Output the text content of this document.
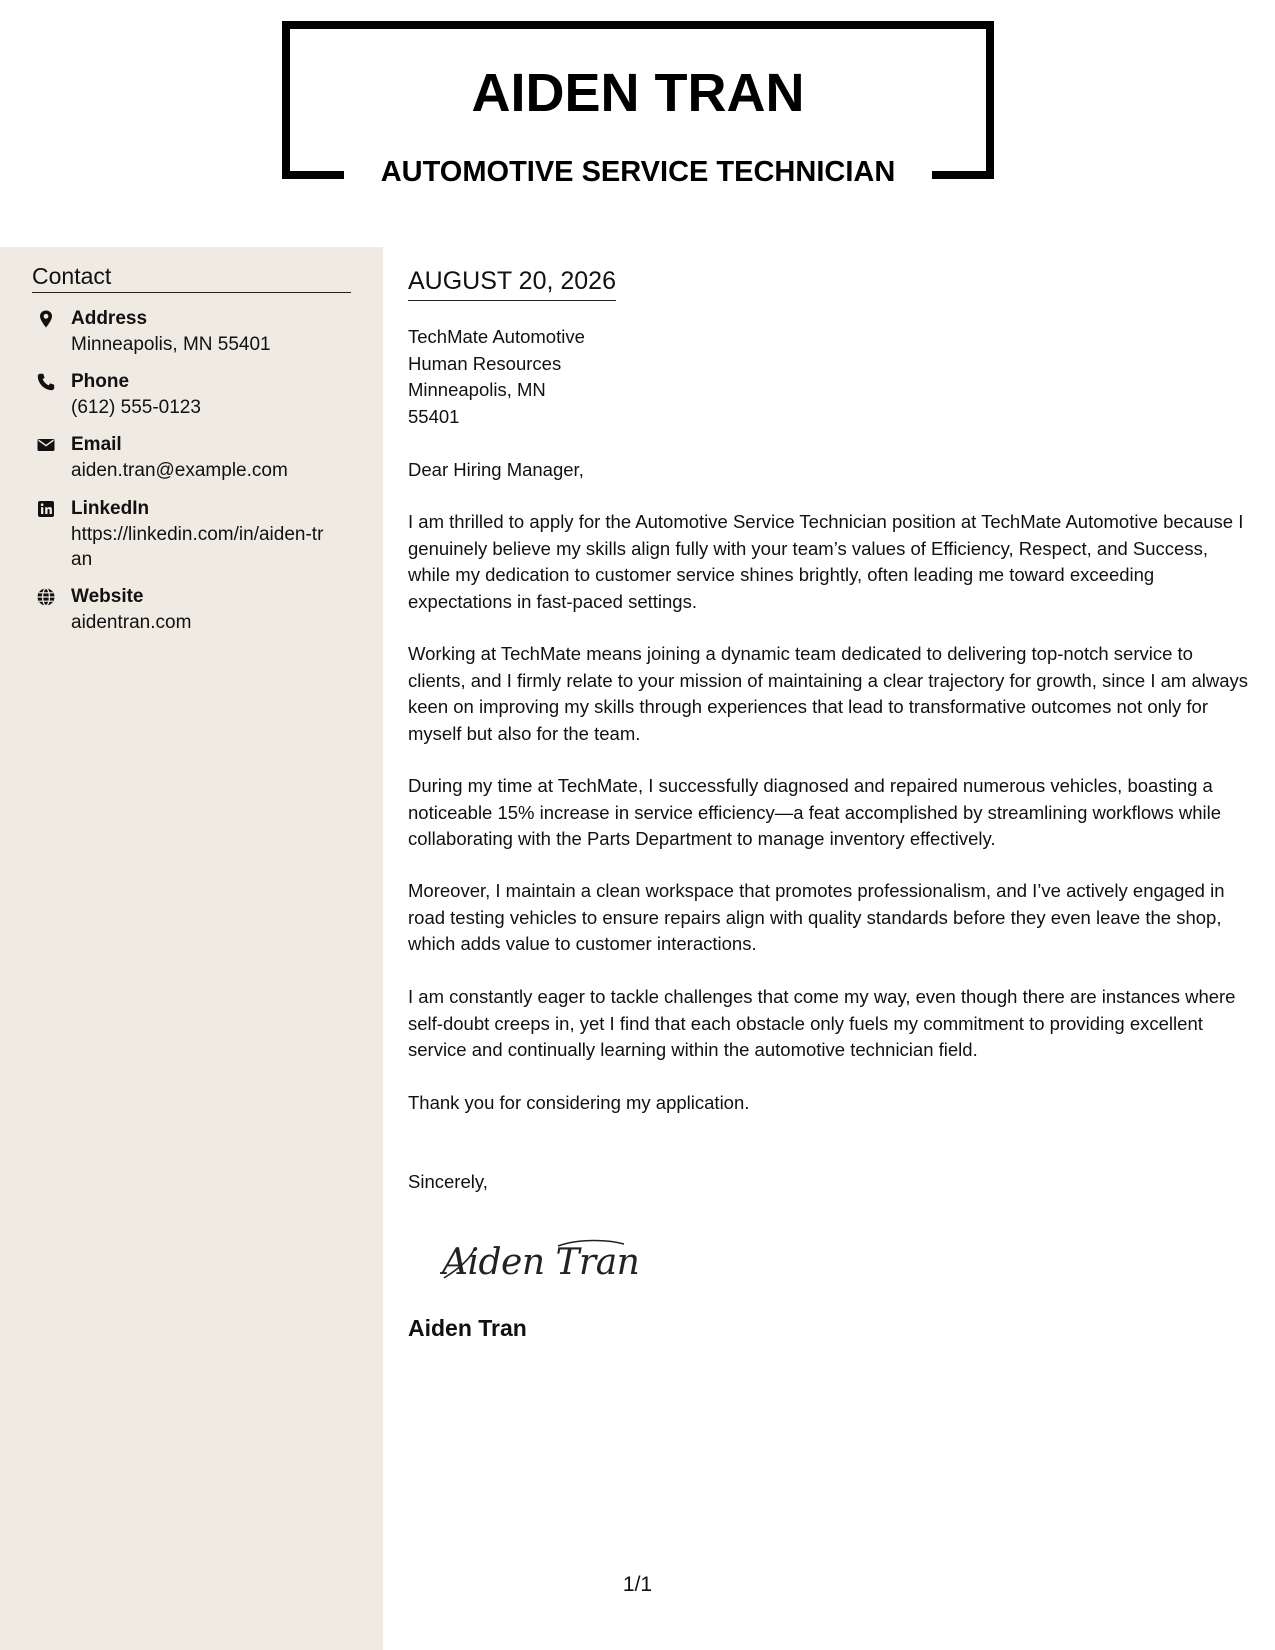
AIDEN TRAN
AUTOMOTIVE SERVICE TECHNICIAN
Contact
Address
Minneapolis, MN 55401
Phone
(612) 555-0123
Email
aiden.tran@example.com
LinkedIn
https://linkedin.com/in/aiden-tran
Website
aidentran.com
AUGUST 20, 2026
TechMate Automotive
Human Resources
Minneapolis, MN
55401

Dear Hiring Manager,

I am thrilled to apply for the Automotive Service Technician position at TechMate Automotive because I genuinely believe my skills align fully with your team’s values of Efficiency, Respect, and Success, while my dedication to customer service shines brightly, often leading me toward exceeding expectations in fast-paced settings.

Working at TechMate means joining a dynamic team dedicated to delivering top-notch service to clients, and I firmly relate to your mission of maintaining a clear trajectory for growth, since I am always keen on improving my skills through experiences that lead to transformative outcomes not only for myself but also for the team.

During my time at TechMate, I successfully diagnosed and repaired numerous vehicles, boasting a noticeable 15% increase in service efficiency—a feat accomplished by streamlining workflows while collaborating with the Parts Department to manage inventory effectively.

Moreover, I maintain a clean workspace that promotes professionalism, and I’ve actively engaged in road testing vehicles to ensure repairs align with quality standards before they even leave the shop, which adds value to customer interactions.

I am constantly eager to tackle challenges that come my way, even though there are instances where self-doubt creeps in, yet I find that each obstacle only fuels my commitment to providing excellent service and continually learning within the automotive technician field.

Thank you for considering my application.

Sincerely,

Aiden Tran
Aiden Tran
1/1
